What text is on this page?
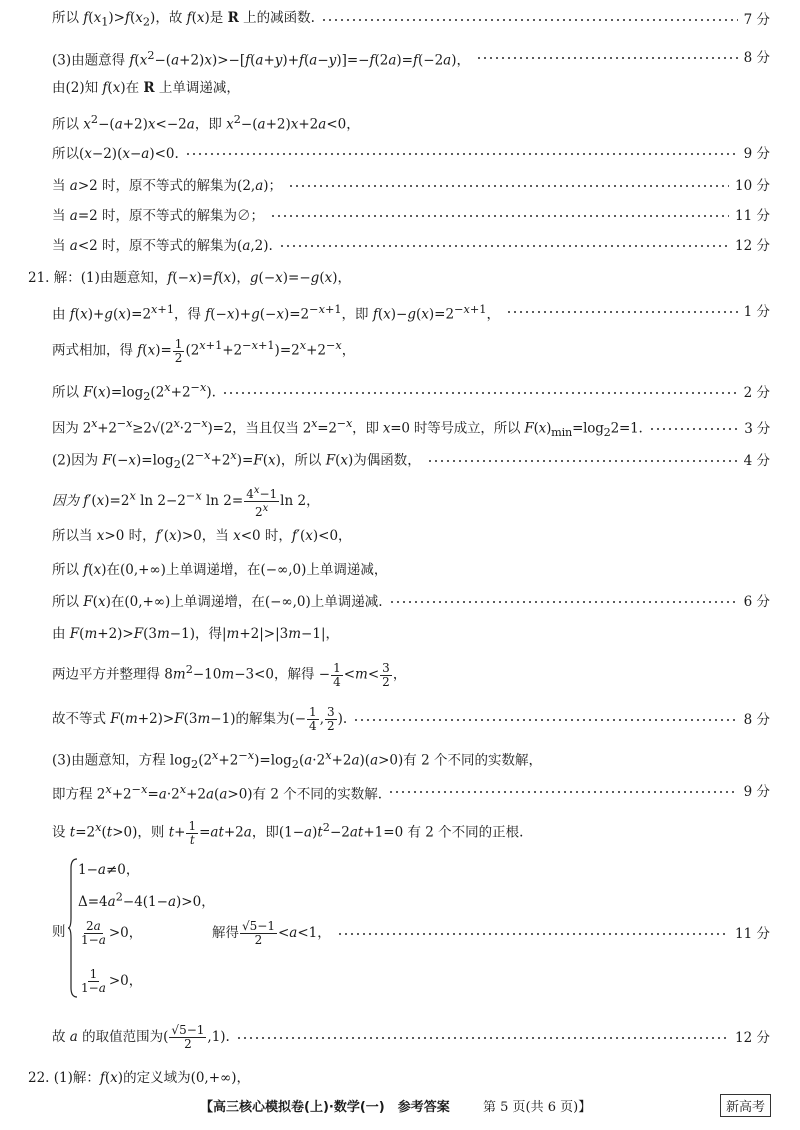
所以 $f(x_1)>f(x_2)$，故 f(x)是 R 上的减函数.	7 分
(3)由题意得 $f(x^2-(a+2)x)>-[f(a+y)+f(a-y)]=-f(2a)=f(-2a)$，	8 分
由(2)知 f(x)在 R 上单调递减，
所以 $x^2-(a+2)x<-2a$，即 $x^2-(a+2)x+2a<0$，
所以(x−2)(x−a)<0.	9 分
当 a>2 时，原不等式的解集为(2,a)；	10 分
当 a=2 时，原不等式的解集为∅；	11 分
当 a<2 时，原不等式的解集为(a,2).	12 分
21. 解：(1)由题意知，f(−x)=f(x)，g(−x)=−g(x)，
由 $f(x)+g(x)=2^{x+1}$，得 $f(-x)+g(-x)=2^{-x+1}$，即 $f(x)-g(x)=2^{-x+1}$，	1 分
两式相加，得 $f(x)= \frac{1}{2} (2^{x+1}+2^{-x+1})=2^x+2^{-x}$，
所以 $F(x)=\log_2(2^x+2^{-x})$.	2 分
因为 $2^x+2^{-x}\ge 2√(2^x\cdot 2^{-x})=2$，当且仅当 $2^x=2^{-x}$，即 x=0 时等号成立，所以 $F(x)_{min}=\log_22=1$.	3 分
(2)因为 $F(-x)=\log_2(2^{-x}+2^x)=F(x)$，所以 F(x)为偶函数，	4 分
因为 $f'(x)=2^x$ $\ln 2-2^{-x}$ $\ln 2= \frac{4^x-1}{2^x}$ ln 2，
所以当 x>0 时，f′(x)>0，当 x<0 时，f′(x)<0，
所以 f(x)在(0,+∞)上单调递增，在(−∞,0)上单调递减，
所以 F(x)在(0,+∞)上单调递增，在(−∞,0)上单调递减.	6 分
由 F(m+2)>F(3m−1)，得|m+2|>|3m−1|，
两边平方并整理得 $8m^2-10m-3<0$，解得 − $\frac{1}{4} <m< \frac{3}{2}$ ，
故不等式 F(m+2)>F(3m−1)的解集为(− $\frac{1}{4}$ , $\frac{3}{2}$ ).	8 分
(3)由题意知，方程 $\log_2(2^x+2^{-x})=\log_2(a\cdot 2^x+2a)(a>0)$有 2 个不同的实数解，
即方程 $2^x+2^{-x}=a\cdot 2^x+2a(a>0)$有 2 个不同的实数解.	9 分
设 $t=2^x(t>0)$，则 $t+ \frac{1}{t} =at+2a$，即$(1-a)t^2-2at+1=0$ 有 2 个不同的正根.
则
1−a≠0，
$\Delta=4a^2-4(1-a)>0$，
$\frac{2a}{1-a} >0$，
$\frac{1}{1-a} >0$，
解得 $\frac{√5-1}{2} <a<1$，	11 分
故 a 的取值范围为( $\frac{√5-1}{2} ,1$).	12 分
22. (1)解：f(x)的定义域为(0,+∞)，
【高三核心模拟卷(上)·数学(一)　参考答案	第 5 页(共 6 页)】	新高考
